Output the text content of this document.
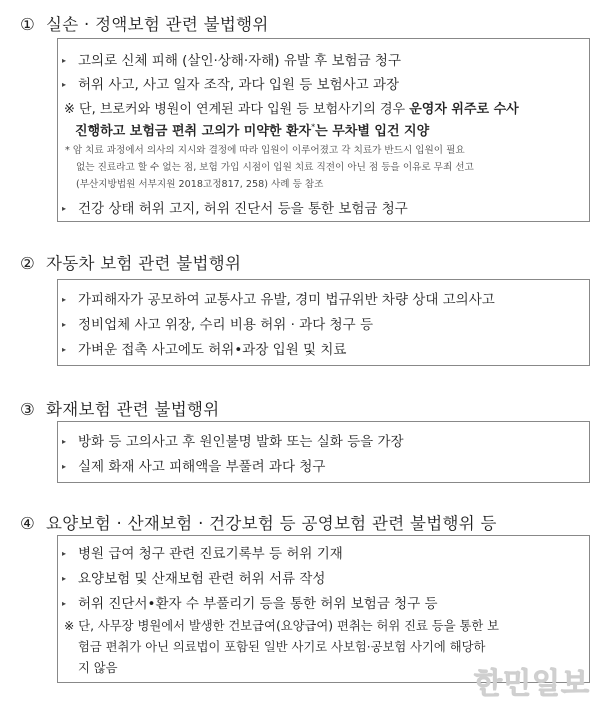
① 실손 · 정액보험 관련 불법행위
▸ 고의로 신체 피해 (살인·상해·자해) 유발 후 보험금 청구
▸ 허위 사고, 사고 일자 조작, 과다 입원 등 보험사고 과장
※ 단, 브로커와 병원이 연계된 과다 입원 등 보험사기의 경우 운영자 위주로 수사
진행하고 보험금 편취 고의가 미약한 환자*는 무차별 입건 지양
* 암 치료 과정에서 의사의 지시와 결정에 따라 입원이 이루어졌고 각 치료가 반드시 입원이 필요
없는 진료라고 할 수 없는 점, 보험 가입 시점이 입원 치료 직전이 아닌 점 등을 이유로 무죄 선고
(부산지방법원 서부지원 2018고정817, 258) 사례 등 참조
▸ 건강 상태 허위 고지, 허위 진단서 등을 통한 보험금 청구
② 자동차 보험 관련 불법행위
▸ 가피해자가 공모하여 교통사고 유발, 경미 법규위반 차량 상대 고의사고
▸ 정비업체 사고 위장, 수리 비용 허위 · 과다 청구 등
▸ 가벼운 접촉 사고에도 허위•과장 입원 및 치료
③ 화재보험 관련 불법행위
▸ 방화 등 고의사고 후 원인불명 발화 또는 실화 등을 가장
▸ 실제 화재 사고 피해액을 부풀려 과다 청구
④ 요양보험 · 산재보험 · 건강보험 등 공영보험 관련 불법행위 등
▸ 병원 급여 청구 관련 진료기록부 등 허위 기재
▸ 요양보험 및 산재보험 관련 허위 서류 작성
▸ 허위 진단서•환자 수 부풀리기 등을 통한 허위 보험금 청구 등
※ 단, 사무장 병원에서 발생한 건보급여(요양급여) 편취는 허위 진료 등을 통한 보
험금 편취가 아닌 의료법이 포함된 일반 사기로 사보험·공보험 사기에 해당하
지 않음	한민일보
